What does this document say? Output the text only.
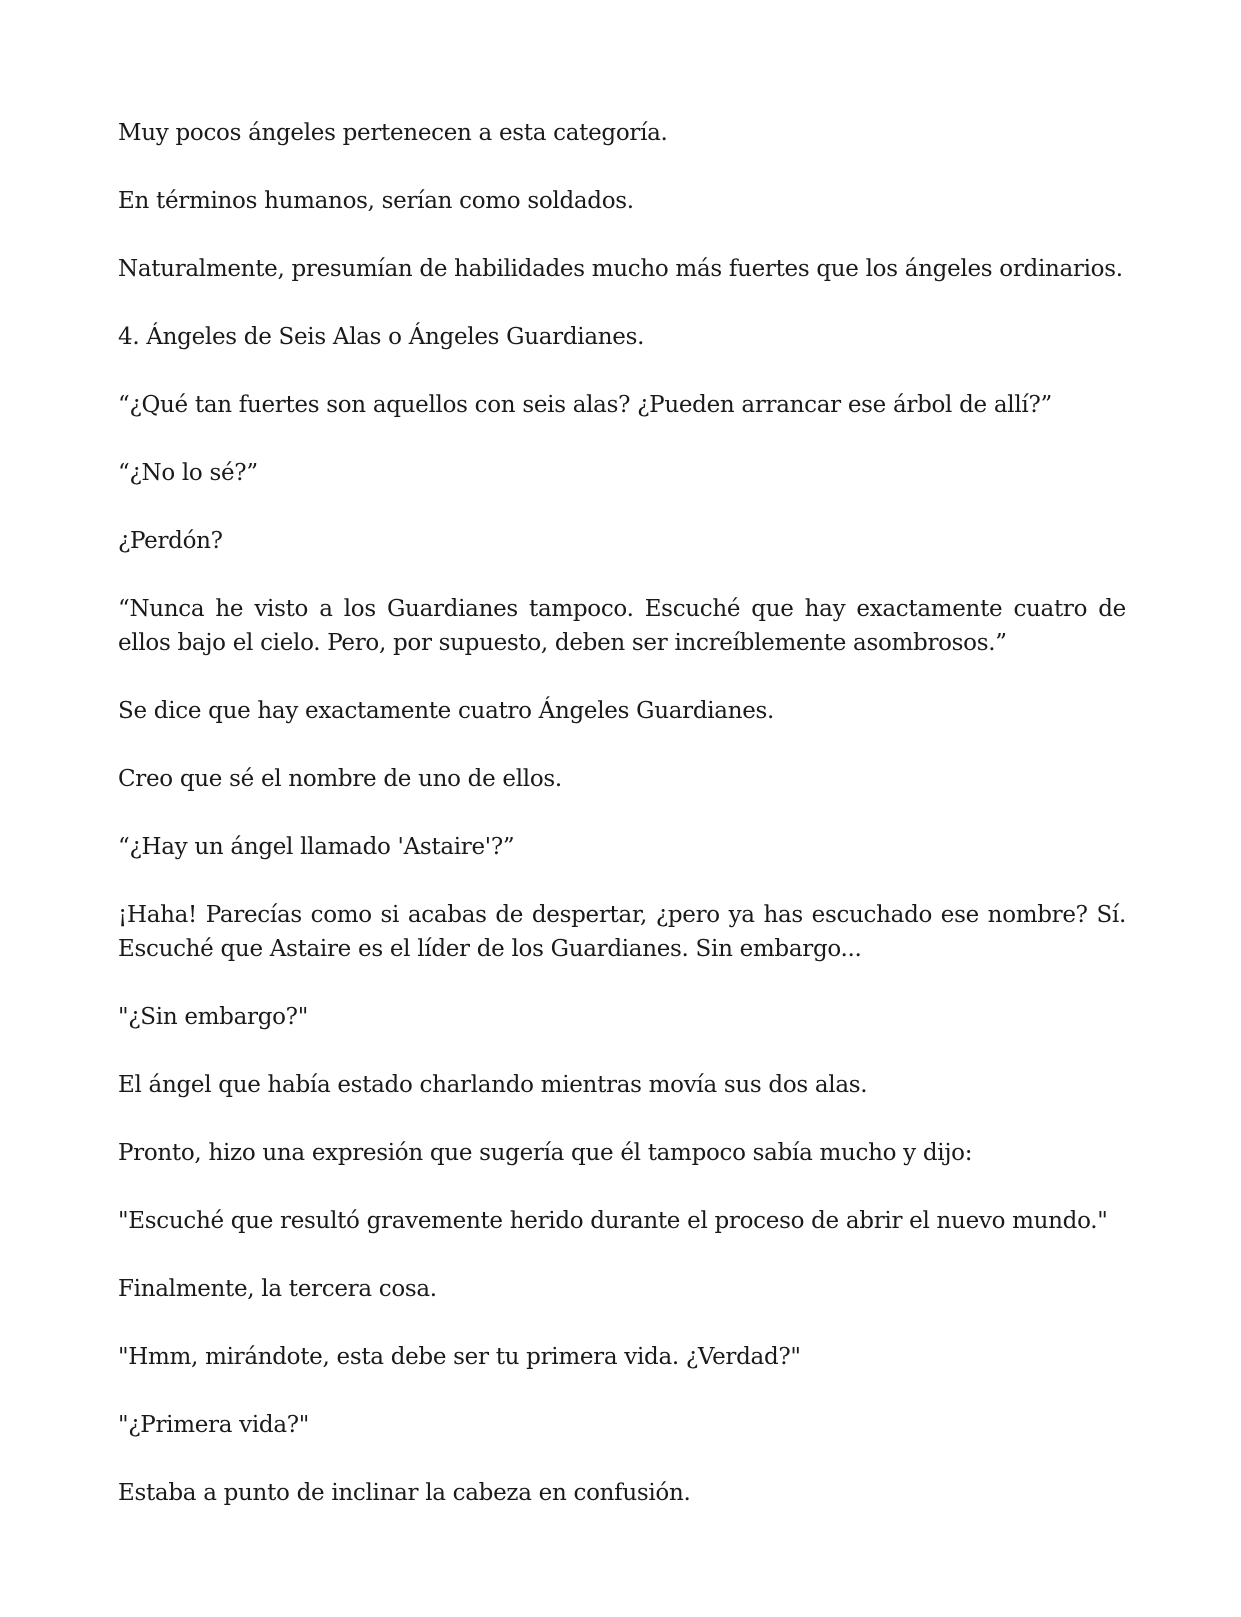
Muy pocos ángeles pertenecen a esta categoría.

En términos humanos, serían como soldados.

Naturalmente, presumían de habilidades mucho más fuertes que los ángeles ordinarios.

4. Ángeles de Seis Alas o Ángeles Guardianes.

“¿Qué tan fuertes son aquellos con seis alas? ¿Pueden arrancar ese árbol de allí?”

“¿No lo sé?”

¿Perdón?

“Nunca he visto a los Guardianes tampoco. Escuché que hay exactamente cuatro de ellos bajo el cielo. Pero, por supuesto, deben ser increíblemente asombrosos.”

Se dice que hay exactamente cuatro Ángeles Guardianes.

Creo que sé el nombre de uno de ellos.

“¿Hay un ángel llamado 'Astaire'?”

¡Haha! Parecías como si acabas de despertar, ¿pero ya has escuchado ese nombre? Sí. Escuché que Astaire es el líder de los Guardianes. Sin embargo...

"¿Sin embargo?"

El ángel que había estado charlando mientras movía sus dos alas.

Pronto, hizo una expresión que sugería que él tampoco sabía mucho y dijo:

"Escuché que resultó gravemente herido durante el proceso de abrir el nuevo mundo."

Finalmente, la tercera cosa.

"Hmm, mirándote, esta debe ser tu primera vida. ¿Verdad?"

"¿Primera vida?"

Estaba a punto de inclinar la cabeza en confusión.
